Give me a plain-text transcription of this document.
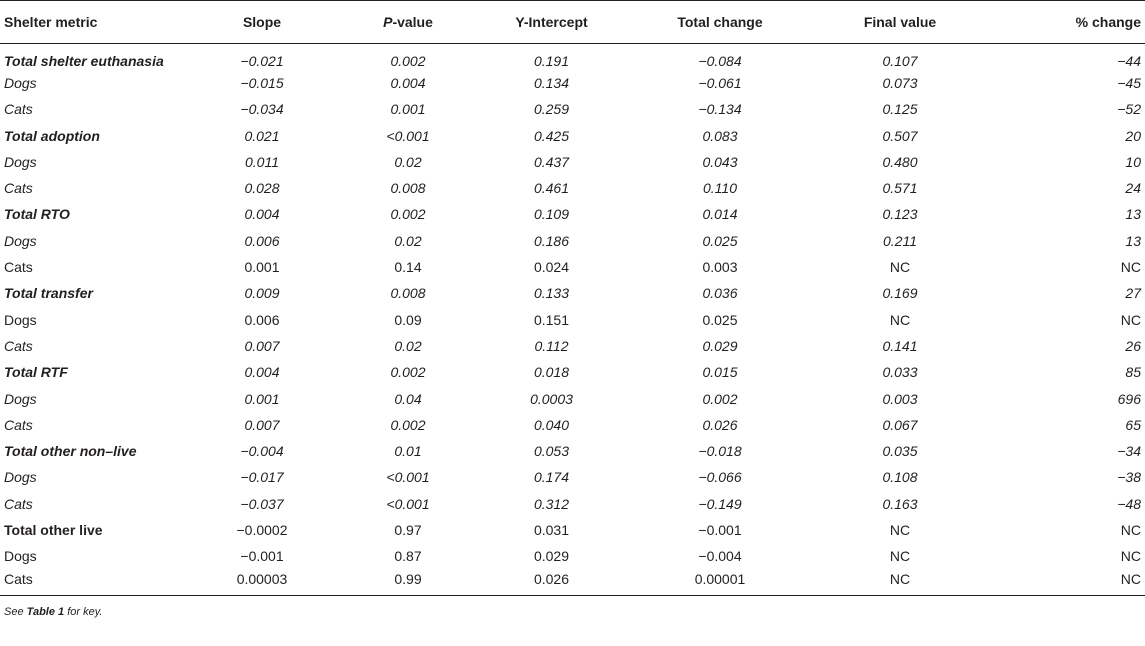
Shelter metric	Slope	P-value	Y-Intercept	Total change	Final value	% change
Total shelter euthanasia	−0.021	0.002	0.191	−0.084	0.107	−44
Dogs	−0.015	0.004	0.134	−0.061	0.073	−45
Cats	−0.034	0.001	0.259	−0.134	0.125	−52
Total adoption	0.021	<0.001	0.425	0.083	0.507	20
Dogs	0.011	0.02	0.437	0.043	0.480	10
Cats	0.028	0.008	0.461	0.110	0.571	24
Total RTO	0.004	0.002	0.109	0.014	0.123	13
Dogs	0.006	0.02	0.186	0.025	0.211	13
Cats	0.001	0.14	0.024	0.003	NC	NC
Total transfer	0.009	0.008	0.133	0.036	0.169	27
Dogs	0.006	0.09	0.151	0.025	NC	NC
Cats	0.007	0.02	0.112	0.029	0.141	26
Total RTF	0.004	0.002	0.018	0.015	0.033	85
Dogs	0.001	0.04	0.0003	0.002	0.003	696
Cats	0.007	0.002	0.040	0.026	0.067	65
Total other non–live	−0.004	0.01	0.053	−0.018	0.035	−34
Dogs	−0.017	<0.001	0.174	−0.066	0.108	−38
Cats	−0.037	<0.001	0.312	−0.149	0.163	−48
Total other live	−0.0002	0.97	0.031	−0.001	NC	NC
Dogs	−0.001	0.87	0.029	−0.004	NC	NC
Cats	0.00003	0.99	0.026	0.00001	NC	NC
See Table 1 for key.						
